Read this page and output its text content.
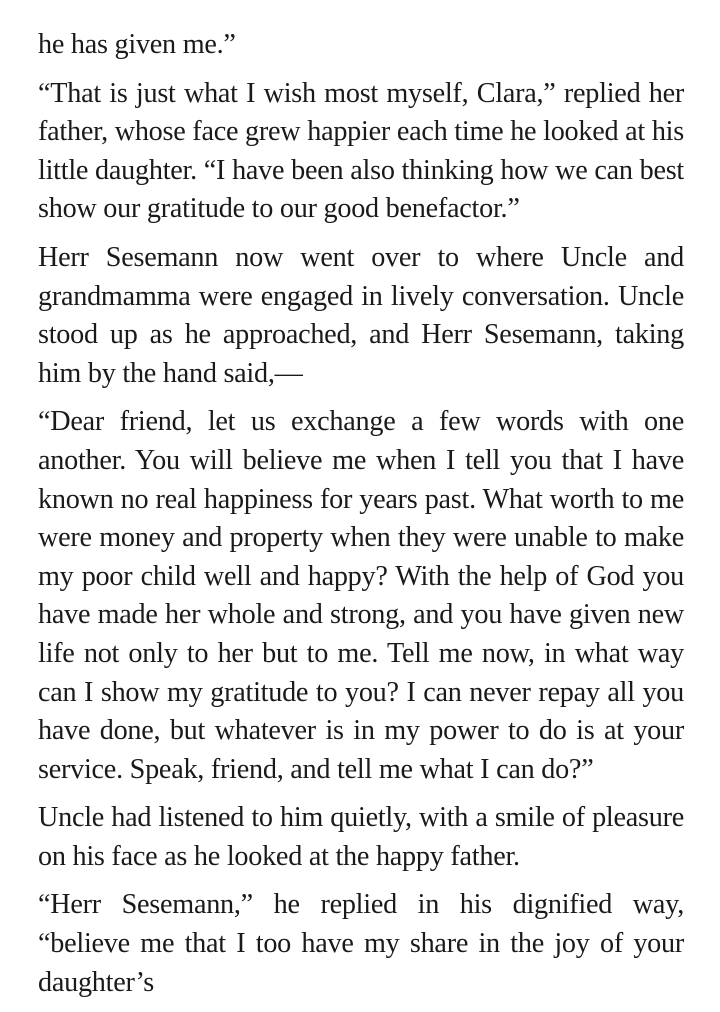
he has given me.”

“That is just what I wish most myself, Clara,” replied her father, whose face grew happier each time he looked at his little daughter. “I have been also thinking how we can best show our gratitude to our good benefactor.”

Herr Sesemann now went over to where Uncle and grandmamma were engaged in lively conversation. Uncle stood up as he approached, and Herr Sesemann, taking him by the hand said,—

“Dear friend, let us exchange a few words with one another. You will believe me when I tell you that I have known no real happiness for years past. What worth to me were money and property when they were unable to make my poor child well and happy? With the help of God you have made her whole and strong, and you have given new life not only to her but to me. Tell me now, in what way can I show my gratitude to you? I can never repay all you have done, but whatever is in my power to do is at your service. Speak, friend, and tell me what I can do?”

Uncle had listened to him quietly, with a smile of pleasure on his face as he looked at the happy father.

“Herr Sesemann,” he replied in his dignified way, “believe me that I too have my share in the joy of your daughter’s
